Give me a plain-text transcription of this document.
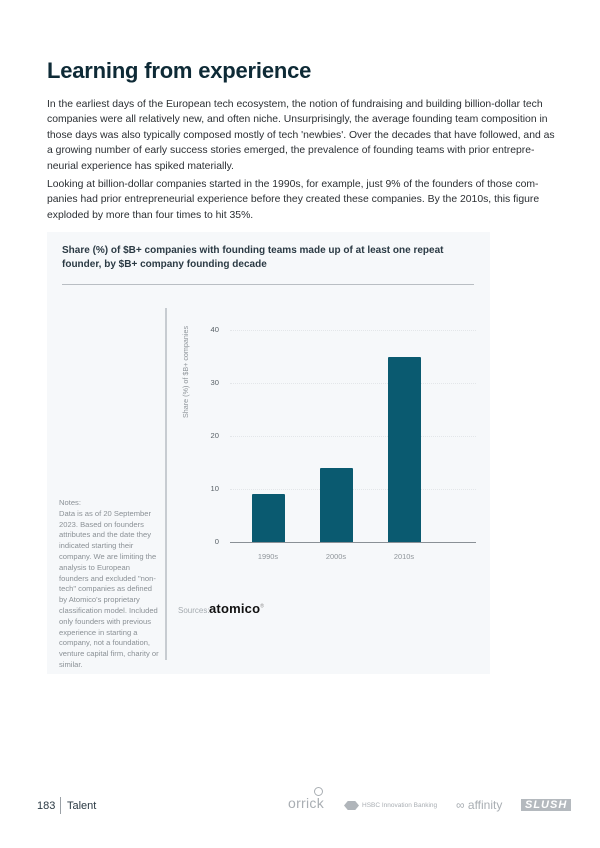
Learning from experience

In the earliest days of the European tech ecosystem, the notion of fundraising and building billion-dollar tech companies were all relatively new, and often niche. Unsurprisingly, the average founding team composition in those days was also typically composed mostly of tech 'newbies'. Over the decades that have followed, and as a growing number of early success stories emerged, the prevalence of founding teams with prior entrepre-neurial experience has spiked materially.

Looking at billion-dollar companies started in the 1990s, for example, just 9% of the founders of those com-panies had prior entrepreneurial experience before they created these companies. By the 2010s, this figure exploded by more than four times to hit 35%.

Share (%) of $B+ companies with founding teams made up of at least one repeat founder, by $B+ company founding decade
Notes:
Data is as of 20 September 2023. Based on founders attributes and the date they indicated starting their company. We are limiting the analysis to European founders and excluded "non-tech" companies as defined by Atomico's proprietary classification model. Included only founders with previous experience in starting a company, not a foundation, venture capital firm, charity or similar.
Share (%) of $B+ companies
0
10
20
30
40
1990s	2000s	2010s
Sources: atomico®
183 Talent	orrick	HSBC Innovation Banking ∞ affinity	SLUSH
